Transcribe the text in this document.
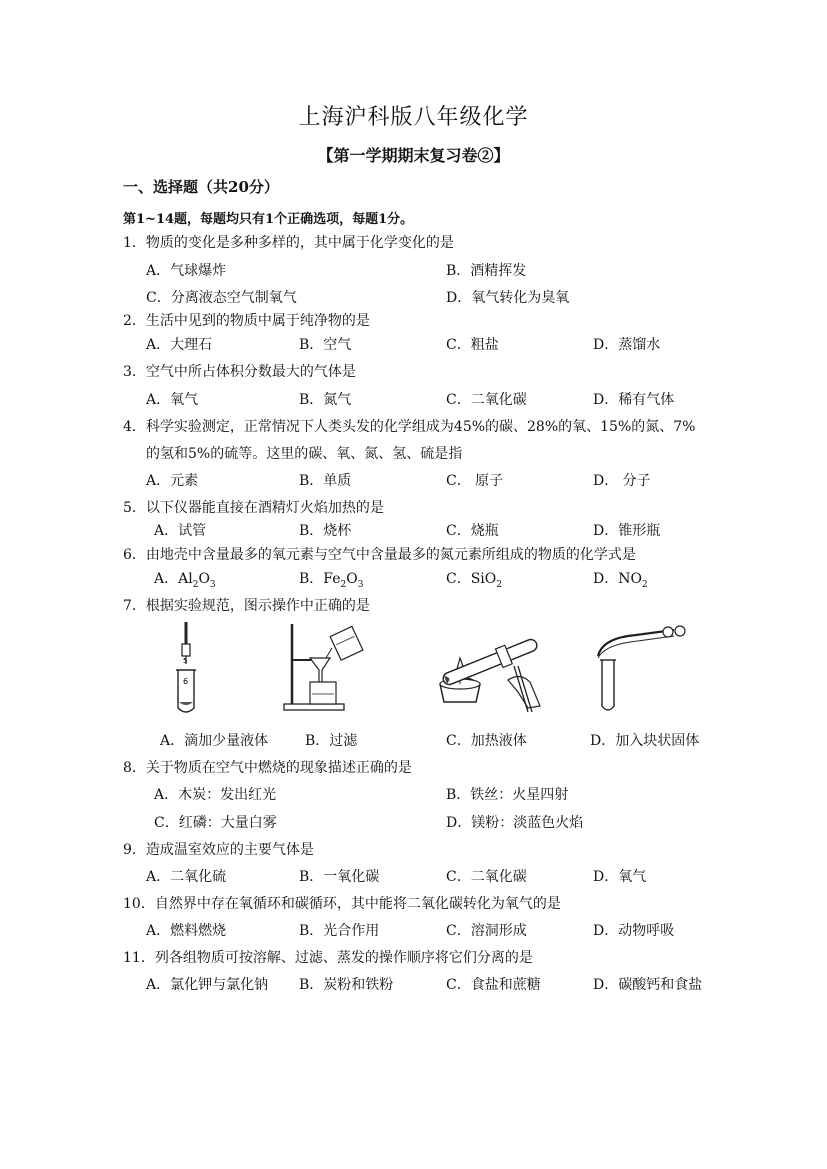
上海沪科版八年级化学
【第一学期期末复习卷②】
一、选择题（共20分）
第1~14题，每题均只有1个正确选项，每题1分。
1．物质的变化是多种多样的，其中属于化学变化的是
A．气球爆炸	B．酒精挥发
C．分离液态空气制氧气	D．氧气转化为臭氧
2．生活中见到的物质中属于纯净物的是
A．大理石	B．空气	C．粗盐	D．蒸馏水
3．空气中所占体积分数最大的气体是
A．氧气	B．氮气	C．二氧化碳	D．稀有气体
4．科学实验测定，正常情况下人类头发的化学组成为45%的碳、28%的氧、15%的氮、7%
的氢和5%的硫等。这里的碳、氧、氮、氢、硫是指
A．元素	B．单质	C． 原子	D． 分子
5．以下仪器能直接在酒精灯火焰加热的是
A．试管	B．烧杯	C．烧瓶	D．锥形瓶
6．由地壳中含量最多的氧元素与空气中含量最多的氮元素所组成的物质的化学式是
A．$Al_2O_3$	B．$Fe_2O_3$	C．SiO$_2$	D．$NO_2$
7．根据实验规范，图示操作中正确的是
5
6
A．滴加少量液体	B．过滤	C．加热液体	D．加入块状固体
8．关于物质在空气中燃烧的现象描述正确的是
A．木炭：发出红光	B．铁丝：火星四射
C．红磷：大量白雾	D．镁粉：淡蓝色火焰
9．造成温室效应的主要气体是
A．二氧化硫	B．一氧化碳	C．二氧化碳	D．氧气
10．自然界中存在氧循环和碳循环，其中能将二氧化碳转化为氧气的是
A．燃料燃烧	B．光合作用	C．溶洞形成	D．动物呼吸
11．列各组物质可按溶解、过滤、蒸发的操作顺序将它们分离的是
A．氯化钾与氯化钠 B．炭粉和铁粉	C．食盐和蔗糖	D．碳酸钙和食盐
